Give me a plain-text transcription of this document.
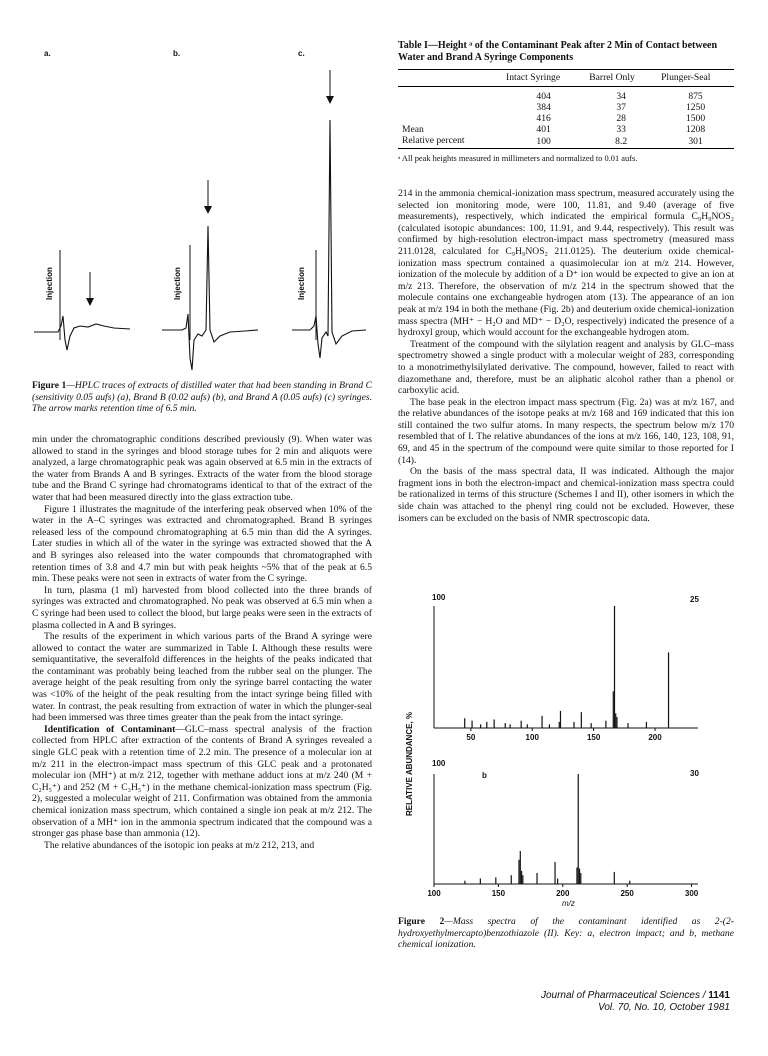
a.	b.	c.
Injection	Injection	Injection
Figure 1—HPLC traces of extracts of distilled water that had been standing in Brand C (sensitivity 0.05 aufs) (a), Brand B (0.02 aufs) (b), and Brand A (0.05 aufs) (c) syringes. The arrow marks retention time of 6.5 min.

min under the chromatographic conditions described previously (9). When water was allowed to stand in the syringes and blood storage tubes for 2 min and aliquots were analyzed, a large chromatographic peak was again observed at 6.5 min in the extracts of the water from Brands A and B syringes. Extracts of the water from the blood storage tube and the Brand C syringe had chromatograms identical to that of the extract of the water that had been measured directly into the glass extraction tube.

Figure 1 illustrates the magnitude of the interfering peak observed when 10% of the water in the A–C syringes was extracted and chromatographed. Brand B syringes released less of the compound chromatographing at 6.5 min than did the A syringes. Later studies in which all of the water in the syringe was extracted showed that the A and B syringes also released into the water compounds that chromatographed with retention times of 3.8 and 4.7 min but with peak heights ~5% that of the peak at 6.5 min. These peaks were not seen in extracts of water from the C syringe.

In turn, plasma (1 ml) harvested from blood collected into the three brands of syringes was extracted and chromatographed. No peak was observed at 6.5 min when a C syringe had been used to collect the blood, but large peaks were seen in the extracts of plasma collected in A and B syringes.

The results of the experiment in which various parts of the Brand A syringe were allowed to contact the water are summarized in Table I. Although these results were semiquantitative, the severalfold differences in the heights of the peaks indicated that the contaminant was probably being leached from the rubber seal on the plunger. The average height of the peak resulting from only the syringe barrel contacting the water was <10% of the height of the peak resulting from the intact syringe being filled with water. In contrast, the peak resulting from extraction of water in which the plunger-seal had been immersed was three times greater than the peak from the intact syringe.

Identification of Contaminant—GLC–mass spectral analysis of the fraction collected from HPLC after extraction of the contents of Brand A syringes revealed a single GLC peak with a retention time of 2.2 min. The presence of a molecular ion at m/z 211 in the electron-impact mass spectrum of this GLC peak and a protonated molecular ion (MH⁺) at m/z 212, together with methane adduct ions at m/z 240 (M + C₂H₅⁺) and 252 (M + C₃H₅⁺) in the methane chemical-ionization mass spectrum (Fig. 2), suggested a molecular weight of 211. Confirmation was obtained from the ammonia chemical ionization mass spectrum, which contained a single ion peak at m/z 212. The observation of a MH⁺ ion in the ammonia spectrum indicated that the compound was a stronger gas phase base than ammonia (12).

The relative abundances of the isotopic ion peaks at m/z 212, 213, and

Table I—Height ᵃ of the Contaminant Peak after 2 Min of Contact between Water and Brand A Syringe Components
	Intact Syringe	Barrel Only	Plunger-Seal

	404	34	875
	384	37	1250
	416	28	1500
Mean	401	33	1208
Relative percent	100	8.2	301
ᵃ All peak heights measured in millimeters and normalized to 0.01 aufs.

214 in the ammonia chemical-ionization mass spectrum, measured accurately using the selected ion monitoring mode, were 100, 11.81, and 9.40 (average of five measurements), respectively, which indicated the empirical formula C₉H₉NOS₂ (calculated isotopic abundances: 100, 11.91, and 9.44, respectively). This result was confirmed by high-resolution electron-impact mass spectrometry (measured mass 211.0128, calculated for C₉H₉NOS₂ 211.0125). The deuterium oxide chemical-ionization mass spectrum contained a quasimolecular ion at m/z 214. However, ionization of the molecule by addition of a D⁺ ion would be expected to give an ion at m/z 213. Therefore, the observation of m/z 214 in the spectrum showed that the molecule contains one exchangeable hydrogen atom (13). The appearance of an ion peak at m/z 194 in both the methane (Fig. 2b) and deuterium oxide chemical-ionization mass spectra (MH⁺ − H₂O and MD⁺ − D₂O, respectively) indicated the presence of a hydroxyl group, which would account for the exchangeable hydrogen atom.

Treatment of the compound with the silylation reagent and analysis by GLC–mass spectrometry showed a single product with a molecular weight of 283, corresponding to a monotrimethylsilylated derivative. The compound, however, failed to react with diazomethane and, therefore, must be an aliphatic alcohol rather than a phenol or carboxylic acid.

The base peak in the electron impact mass spectrum (Fig. 2a) was at m/z 167, and the relative abundances of the isotope peaks at m/z 168 and 169 indicated that this ion still contained the two sulfur atoms. In many respects, the spectrum below m/z 170 resembled that of I. The relative abundances of the ions at m/z 166, 140, 123, 108, 91, 69, and 45 in the spectrum of the compound were quite similar to those reported for I (14).

On the basis of the mass spectral data, II was indicated. Although the major fragment ions in both the electron-impact and chemical-ionization mass spectra could be rationalized in terms of this structure (Schemes I and II), other isomers in which the side chain was attached to the phenyl ring could not be excluded. However, these isomers can be excluded on the basis of NMR spectroscopic data.

RELATIVE ABUNDANCE, %
100	25
50	100	150	200
100
b	30
100	150	200	250	300
m/z
Figure 2—Mass spectra of the contaminant identified as 2-(2-hydroxyethylmercapto)benzothiazole (II). Key: a, electron impact; and b, methane chemical ionization.
Journal of Pharmaceutical Sciences / 1141
Vol. 70, No. 10, October 1981
